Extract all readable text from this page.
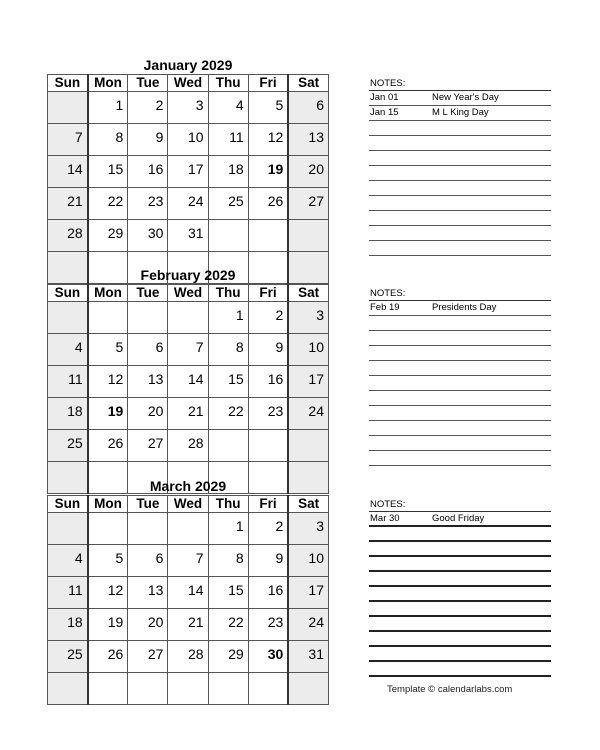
January 2029
Sun	Mon	Tue	Wed	Thu	Fri	Sat
	1	2	3	4	5	6
7	8	9	10	11	12	13
14	15	16	17	18	19	20
21	22	23	24	25	26	27
28	29	30	31			

NOTES:
Jan 01	New Year's Day
Jan 15	M L King Day
February 2029
Sun	Mon	Tue	Wed	Thu	Fri	Sat
				1	2	3
4	5	6	7	8	9	10
11	12	13	14	15	16	17
18	19	20	21	22	23	24
25	26	27	28			

NOTES:
Feb 19	Presidents Day
March 2029
Sun	Mon	Tue	Wed	Thu	Fri	Sat
				1	2	3
4	5	6	7	8	9	10
11	12	13	14	15	16	17
18	19	20	21	22	23	24
25	26	27	28	29	30	31

NOTES:
Mar 30	Good Friday
Template © calendarlabs.com
